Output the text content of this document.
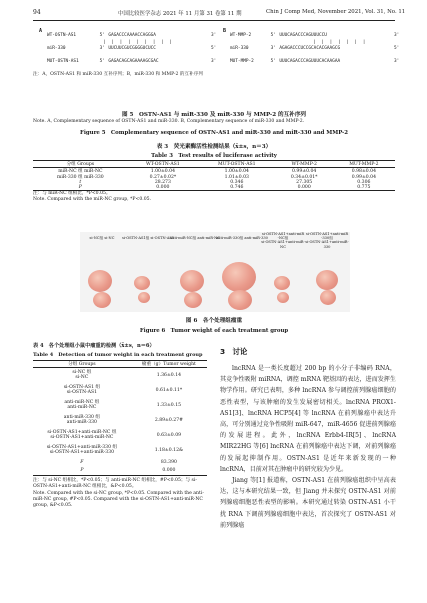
94	中国比较医学杂志 2021 年 11 月第 31 卷第 11 期	Chin J Comp Med, November 2021, Vol. 31, No. 11
A	B
WT-OSTN-AS1	5' GAGACCCAAAACCAGGGA	3'
| | | | | | | | |
miR-330	3' UUCUUCGUCGGGGUCUCC	5'
MUT-OSTN-AS1	5' GAGACAGCAGAAAAGCGAC	3'
WT-MMP-2	5' UUUCAGACCCAGUUUCCU	3'
| | | | | | |
miR-330	3' AGAGACCCUCCGCACACGAAGCG	5'
MUT-MMP-2	5' UUUCAGACCCAGUUUCACAAGAA	3'
注：A，OSTN-AS1 和 miR-330 互补序列；B，miR-330 和 MMP-2 的互补序列
图 5　OSTN-AS1 与 miR-330 及 miR-330 与 MMP-2 的互补序列
Note. A, Complementary sequence of OSTN-AS1 and miR-330. B, Complementary sequence of miR-330 and MMP-2.
Figure 5　Complementary sequence of OSTN-AS1 and miR-330 and miR-330 and MMP-2
表 3　荧光素酶活性检测结果（x̄±s，n＝3）
Table 3　Test results of luciferase activity
分组 Groups	WT-OSTN-AS1	MUT-OSTN-AS1	WT-MMP-2	MUT-MMP-2
miR-NC 组 miR-NC	1.00±0.04	1.00±0.04	0.99±0.04	0.98±0.04
miR-330 组 miR-330	0.27±0.02*	1.01±0.03	0.34±0.01*	0.99±0.04
t	28.273	0.346	27.305	0.306
P	0.000	0.746	0.000	0.775
注：与 miR-NC 组相比，*P<0.05。
Note. Compared with the miR-NC group, *P<0.05.
si-NC组 si-NC	si-OSTN-AS1组 si-OSTN-AS1
anti-miR-NC组 anti-miR-NC
anti-miR-330组 anti-miR-330
si-OSTN-AS1+anti-miR
-NC组
si-OSTN-AS1+anti-miR-NC
si-OSTN-AS1+anti-miR
-330组
si-OSTN-AS1+anti-miR-330
图 6　各个处理组瘤重
Figure 6　Tumor weight of each treatment group
表 4　各个处理组小鼠中瘤重的检测（x̄±s，n＝6）
Table 4　Detection of tumor weight in each treatment group
分组 Groups	瘤重（g）Tumor weight
si-NC 组
si-NC	1.36±0.14
si-OSTN-AS1 组
si-OSTN-AS1	0.61±0.11*
anti-miR-NC 组
anti-miR-NC	1.33±0.15
anti-miR-330 组
anti-miR-330	2.89±0.27#
si-OSTN-AS1+anti-miR-NC 组
si-OSTN-AS1+anti-miR-NC	0.63±0.09
si-OSTN-AS1+anti-miR-330 组
si-OSTN-AS1+anti-miR-330	1.18±0.12&
F	83.390
P	0.000
注：与 si-NC 组相比，*P<0.05；与 anti-miR-NC 组相比，#P<0.05；与 si-OSTN-AS1+anti-miR-NC 组相比，&P<0.05。
Note. Compared with the si-NC group, *P<0.05. Compared with the anti-miR-NC group, #P<0.05. Compared with the si-OSTN-AS1+anti-miR-NC group, &P<0.05.
3　讨论

lncRNA 是一类长度超过 200 bp 的小分子非编码 RNA，其竞争性吸附 miRNA，调控 mRNA 靶基因的表达，进而发挥生物学作用。研究已表明，多种 lncRNA 参与调控前列腺癌细胞的恶性表型，与该肿瘤的发生发展密切相关。lncRNA PROX1-AS1[3]、lncRNA HCP5[4] 等 lncRNA 在前列腺癌中表达升高，可分别通过竞争性吸附 miR-647，miR-4656 促进前列腺癌的发展进程。此外，lncRNA Erbb4-IR[5]、lncRNA MIR22HG 等[6] lncRNA 在前列腺癌中表达下调，对前列腺癌的发展起抑制作用。OSTN-AS1 是近年来新发现的一种 lncRNA，目前对其在肿瘤中的研究较为少见。

Jiang 等[1] 报道称，OSTN-AS1 在前列腺癌组织中呈高表达，这与本研究结果一致，但 Jiang 并未探究 OSTN-AS1 对前列腺癌细胞恶性表型的影响。本研究通过转染 OSTN-AS1 小干扰 RNA 下调前列腺癌细胞中表达，首次探究了 OSTN-AS1 对前列腺癌
